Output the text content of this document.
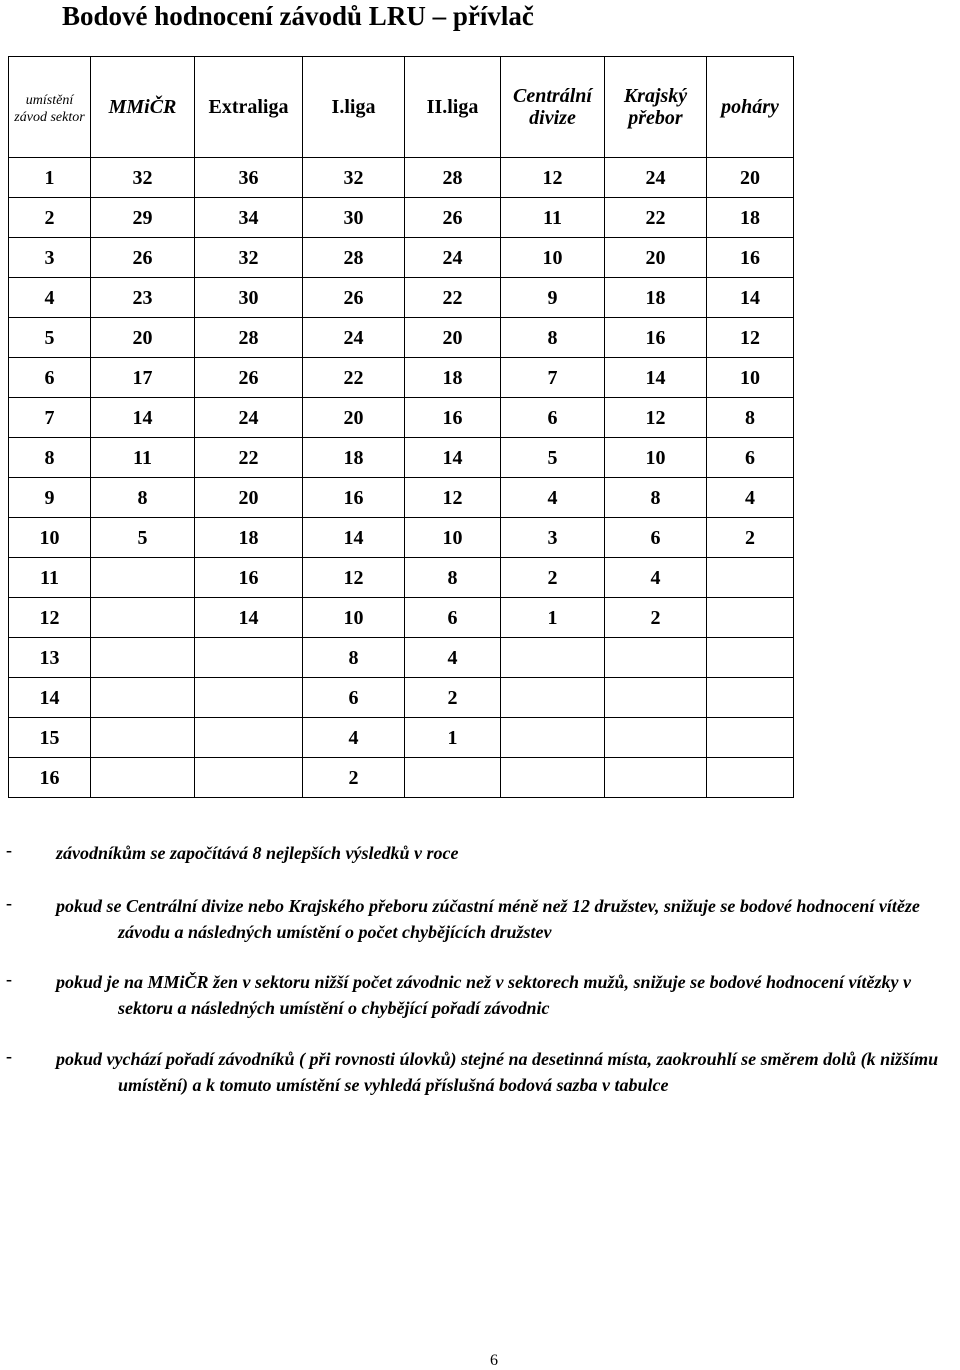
Bodové hodnocení závodů LRU – přívlač
umístění závod sektor	MMiČR	Extraliga	I.liga	II.liga	Centrální divize	Krajský přebor	poháry
1	32	36	32	28	12	24	20
2	29	34	30	26	11	22	18
3	26	32	28	24	10	20	16
4	23	30	26	22	9	18	14
5	20	28	24	20	8	16	12
6	17	26	22	18	7	14	10
7	14	24	20	16	6	12	8
8	11	22	18	14	5	10	6
9	8	20	16	12	4	8	4
10	5	18	14	10	3	6	2
11		16	12	8	2	4	
12		14	10	6	1	2	
13			8	4			
14			6	2			
15			4	1			
16			2				
- závodníkům se započítává 8 nejlepších výsledků v roce
- pokud se Centrální divize nebo Krajského přeboru zúčastní méně než 12 družstev, snižuje se bodové hodnocení vítěze závodu a následných umístění o počet chybějících družstev
- pokud je na MMiČR žen v sektoru nižší počet závodnic než v sektorech mužů, snižuje se bodové hodnocení vítězky v sektoru a následných umístění o chybějící pořadí závodnic
- pokud vychází pořadí závodníků ( při rovnosti úlovků) stejné na desetinná místa, zaokrouhlí se směrem dolů (k nižšímu umístění) a k tomuto umístění se vyhledá příslušná bodová sazba v tabulce
6
